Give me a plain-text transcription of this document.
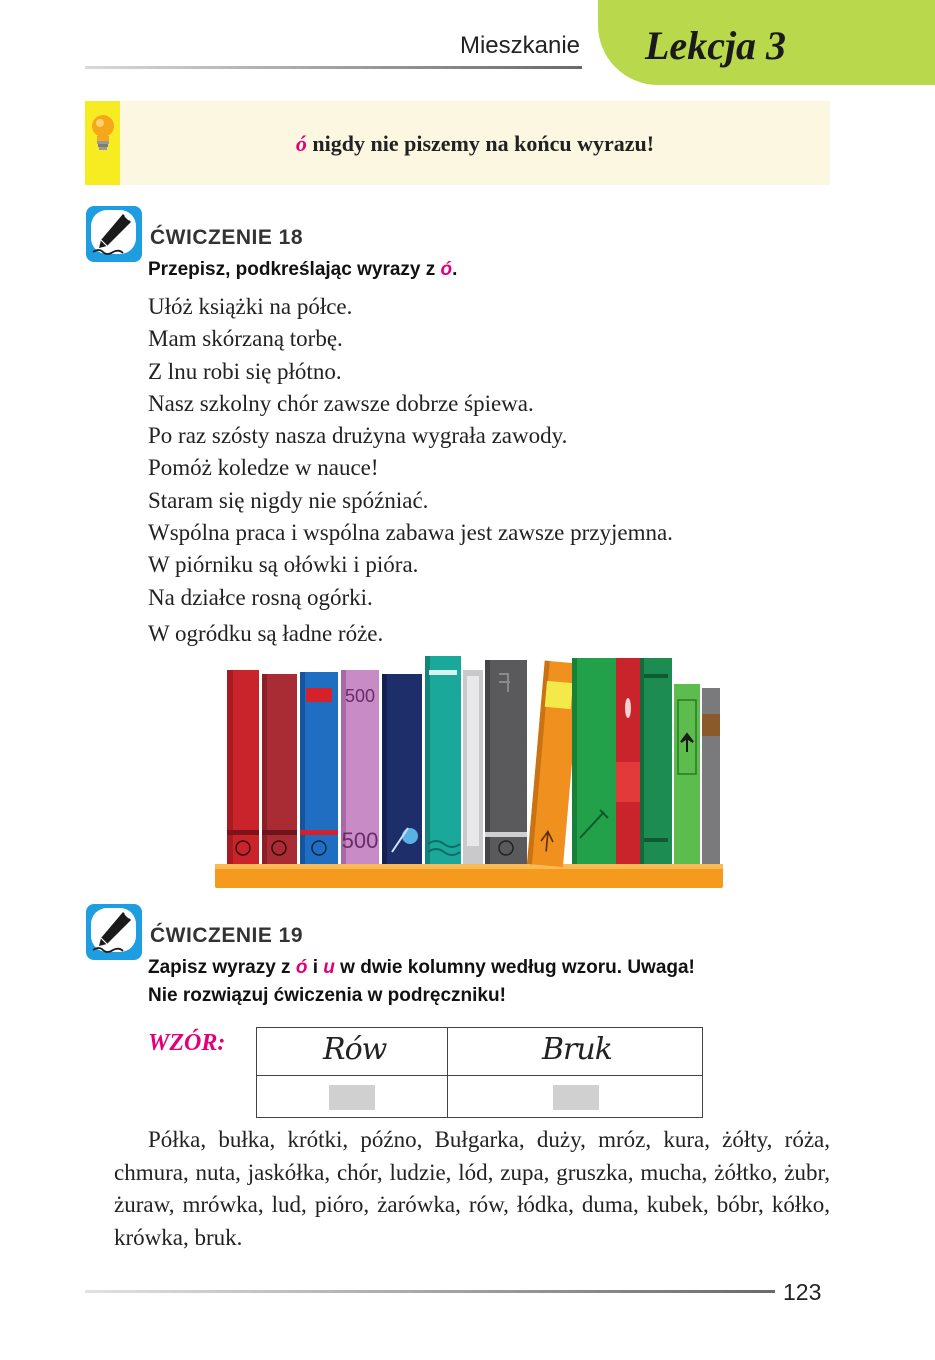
Mieszkanie Lekcja 3
ó nigdy nie piszemy na końcu wyrazu!
ĆWICZENIE 18
Przepisz, podkreślając wyrazy z ó.
Ułóż książki na półce.
Mam skórzaną torbę.
Z lnu robi się płótno.
Nasz szkolny chór zawsze dobrze śpiewa.
Po raz szósty nasza drużyna wygrała zawody.
Pomóż koledze w nauce!
Staram się nigdy nie spóźniać.
Wspólna praca i wspólna zabawa jest zawsze przyjemna.
W piórniku są ołówki i pióra.
Na działce rosną ogórki.
W ogródku są ładne róże.
500
500
ĆWICZENIE 19
Zapisz wyrazy z ó i u w dwie kolumny według wzoru. Uwaga!
Nie rozwiązuj ćwiczenia w podręczniku!
WZÓR:	Rów	Bruk

Półka, bułka, krótki, późno, Bułgarka, duży, mróz, kura, żółty, róża, chmura, nuta, jaskółka, chór, ludzie, lód, zupa, gruszka, mucha, żółtko, żubr, żuraw, mrówka, lud, pióro, żarówka, rów, łódka, duma, kubek, bóbr, kółko, krówka, bruk.

123
